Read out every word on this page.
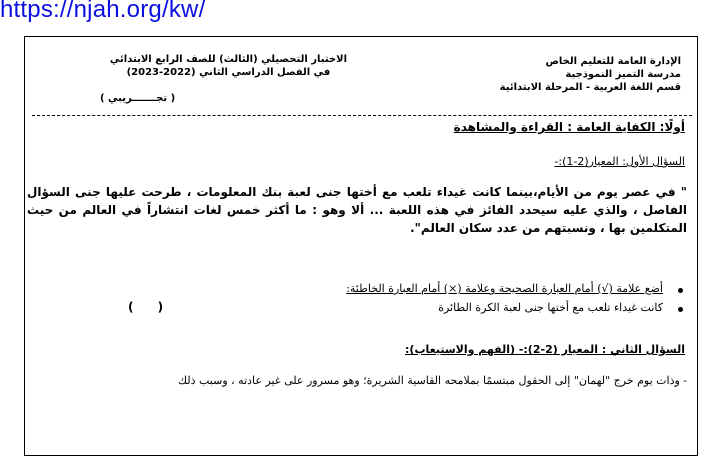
https://njah.org/kw/
الإدارة العامة للتعليم الخاص
مدرسة التميز النموذجية
قسم اللغة العربية - المرحلة الابتدائية
الاختبار التحصيلي (الثالث) للصف الرابع الابتدائي
في الفصل الدراسي الثاني (2022-2023)
( تجـــــــريبي )
أولًا: الكفاية العامة : القراءة والمشاهدة
السؤال الأول: المعيار(2-1):-
" في عصر يوم من الأيام،بينما كانت غيداء تلعب مع أختها جنى لعبة بنك المعلومات ، طرحت عليها جنى السؤال الفاصل ، والذي عليه سيحدد الفائز في هذه اللعبة ... ألا وهو : ما أكثر خمس لغات انتشاراً في العالم من حيث المتكلمين بها ، ونسبتهم من عدد سكان العالم".
أضع علامة (√) أمام العبارة الصحيحة وعلامة (×) أمام العبارة الخاطئة:
كانت غيداء تلعب مع أختها جنى لعبة الكرة الطائرة
( )
السؤال الثاني : المعيار (2-2):- (الفهم والاستيعاب):
- وذات يوم خرج "لهمان" إلى الحقول مبتسمًا بملامحه القاسية الشريرة؛ وهو مسرور على غير عادته ، وسبب ذلك
